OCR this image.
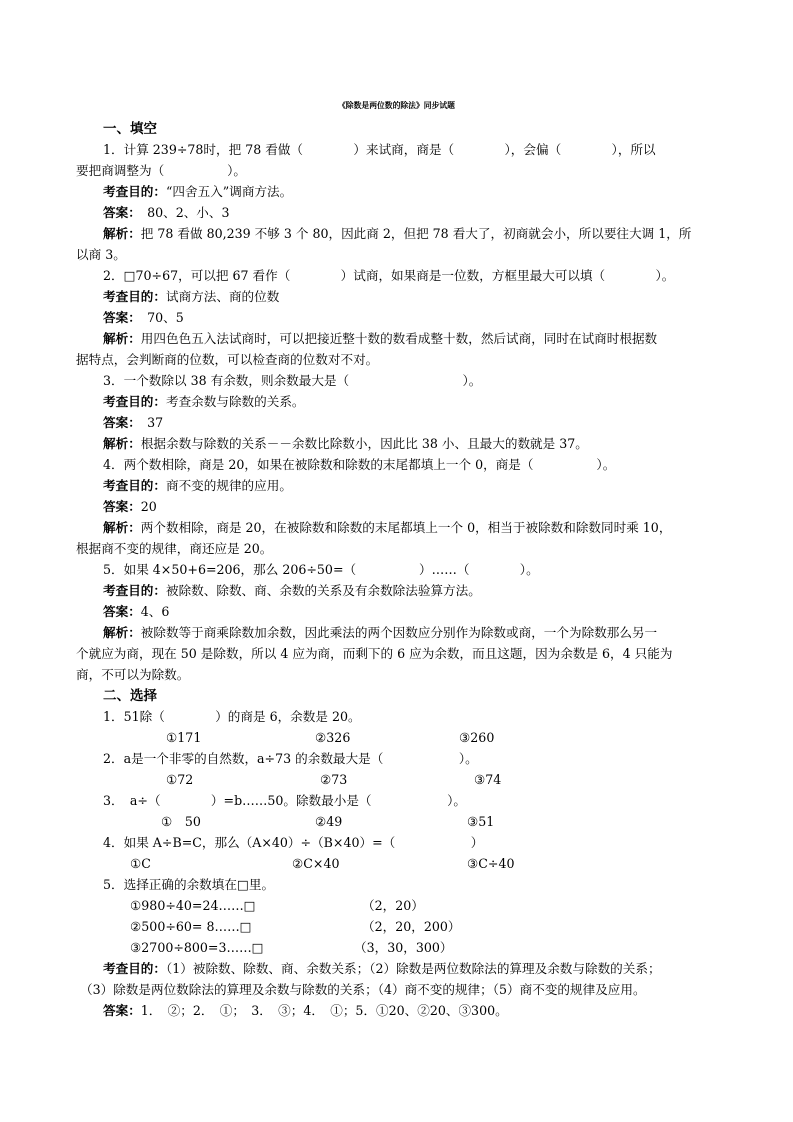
《除数是两位数的除法》同步试题
一、填空
1．计算 239÷78时，把 78 看做（　　　　）来试商，商是（　　　　），会偏（　　　　），所以
要把商调整为（　　　　　）。
考查目的：“四舍五入”调商方法。
答案：　80、2、小、3
解析：把 78 看做 80,239 不够 3 个 80，因此商 2，但把 78 看大了，初商就会小，所以要往大调 1，所
以商 3。
2．□70÷67，可以把 67 看作（　　　　）试商，如果商是一位数，方框里最大可以填（　　　　）。
考查目的：试商方法、商的位数
答案：　70、5
解析：用四色色五入法试商时，可以把接近整十数的数看成整十数，然后试商，同时在试商时根据数
据特点，会判断商的位数，可以检查商的位数对不对。
3．一个数除以 38 有余数，则余数最大是（　　　　　　　　　）。
考查目的：考查余数与除数的关系。
答案：　37
解析：根据余数与除数的关系－－余数比除数小，因此比 38 小、且最大的数就是 37。
4．两个数相除，商是 20，如果在被除数和除数的末尾都填上一个 0，商是（　　　　　）。
考查目的：商不变的规律的应用。
答案：20
解析：两个数相除，商是 20，在被除数和除数的末尾都填上一个 0，相当于被除数和除数同时乘 10，
根据商不变的规律，商还应是 20。
5．如果 4×50+6=206，那么 206÷50=（　　　　　）……（　　　　）。
考查目的：被除数、除数、商、余数的关系及有余数除法验算方法。
答案：4、6
解析：被除数等于商乘除数加余数，因此乘法的两个因数应分别作为除数或商，一个为除数那么另一
个就应为商，现在 50 是除数，所以 4 应为商，而剩下的 6 应为余数，而且这题，因为余数是 6，4 只能为
商，不可以为除数。
二、选择
1．51除（　　　　）的商是 6，余数是 20。
①171	②326	③260
2．a是一个非零的自然数，a÷73 的余数最大是（　　　　　　）。
①72	②73	③74
3．　a÷（　　　　）=b……50。除数最小是（　　　　　　）。
①　50	②49	③51
4．如果 A÷B=C，那么（A×40）÷（B×40）=（　　　　　　）
①C	②C×40	③C÷40
5．选择正确的余数填在□里。
①980÷40=24……□	（2，20）
②500÷60= 8……□	（2，20，200）
③2700÷800=3……□	（3，30，300）
考查目的：（1）被除数、除数、商、余数关系；（2）除数是两位数除法的算理及余数与除数的关系；
（3）除数是两位数除法的算理及余数与除数的关系；（4）商不变的规律；（5）商不变的规律及应用。
答案：1．　②；2．　①；　3．　③；4．　①；5．①20、②20、③300。
